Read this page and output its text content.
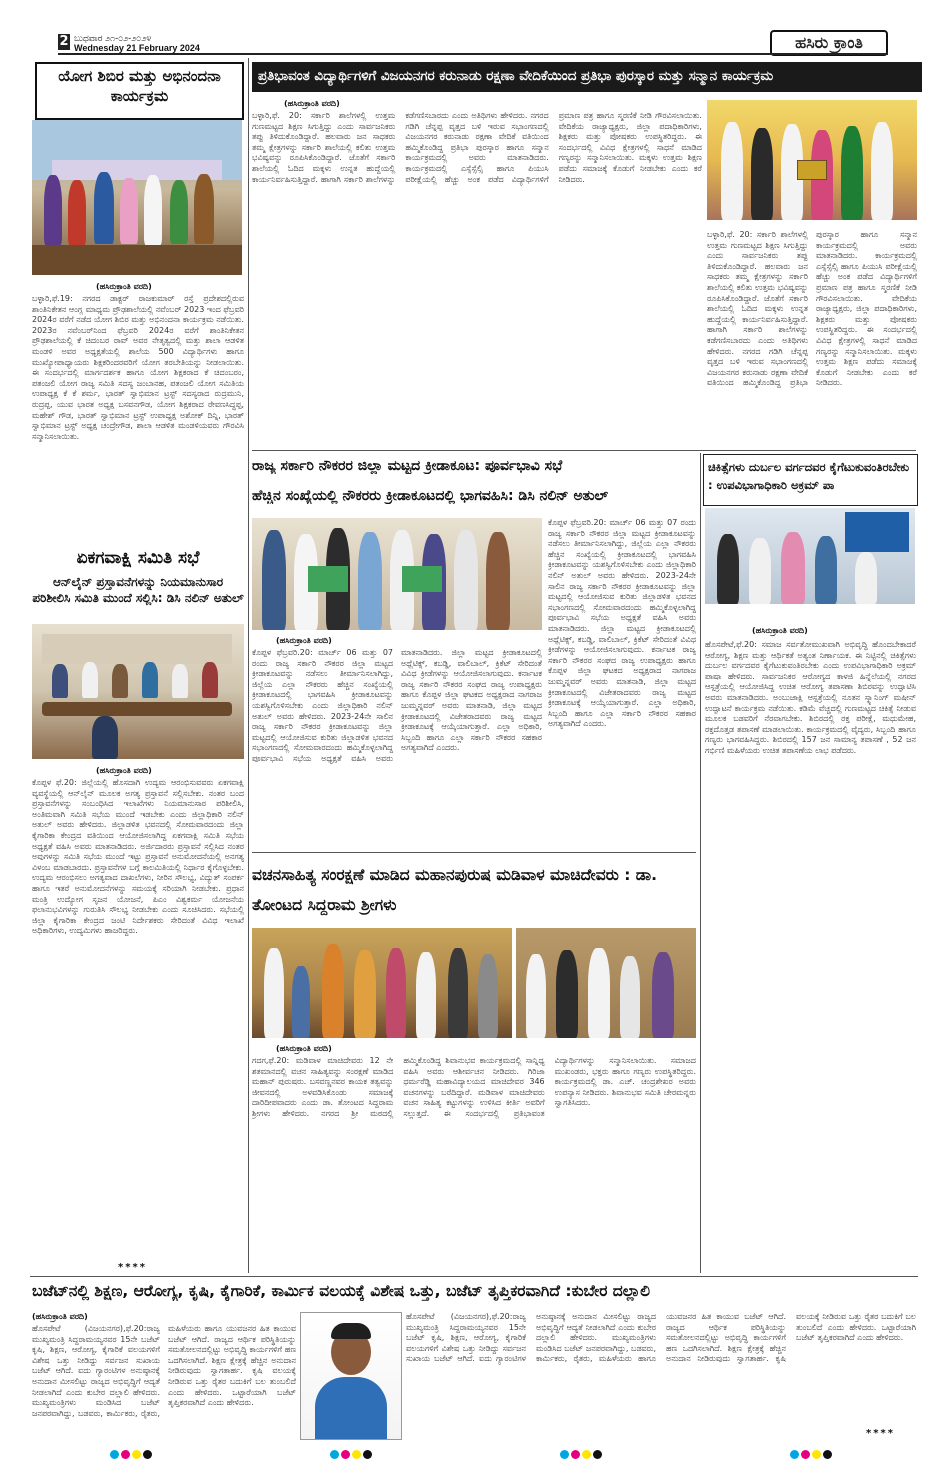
2 ಬುಧವಾರ ೨೧-೦೨-೨೦೨೪
Wednesday 21 February 2024	ಹಸಿರು ಕ್ರಾಂತಿ
ಯೋಗ ಶಿಬಿರ ಮತ್ತು ಅಭಿನಂದನಾ ಕಾರ್ಯಕ್ರಮ
(ಹಸಿರುಕ್ರಾಂತಿ ವರದಿ)
ಬಳ್ಳಾರಿ,ಫೆ.19: ನಗರದ ಡಾಕ್ಟರ್ ರಾಜಕುಮಾರ್ ರಸ್ತೆ ಪ್ರದೇಶದಲ್ಲಿರುವ ಶಾಂತಿನಿಕೇತನ ಆಂಗ್ಲ ಮಾಧ್ಯಮ ಪ್ರೌಢಶಾಲೆಯಲ್ಲಿ ನವೆಂಬರ್ 2023 ಇಂದ ಫೆಬ್ರವರಿ 2024ರ ವರೆಗೆ ನಡೆದ ಯೋಗ ಶಿಬಿರ ಮತ್ತು ಅಭಿನಂದನಾ ಕಾರ್ಯಕ್ರಮ ನಡೆಯಿತು. 2023ರ ನವೆಂಬರ್‌ನಿಂದ ಫೆಬ್ರವರಿ 2024ರ ವರೆಗೆ ಶಾಂತಿನಿಕೇತನ ಪ್ರೌಢಶಾಲೆಯಲ್ಲಿ ಕೆ ಚಿದಂಬರ ರಾವ್ ಅವರ ನೇತೃತ್ವದಲ್ಲಿ ಮತ್ತು ಶಾಲಾ ಆಡಳಿತ ಮಂಡಳಿ ಅವರ ಅಧ್ಯಕ್ಷತೆಯಲ್ಲಿ ಶಾಲೆಯ 500 ವಿದ್ಯಾರ್ಥಿಗಳು ಹಾಗೂ ಮುಖ್ಯೋಪಾಧ್ಯಾಯರು ಶಿಕ್ಷಕರಿಂದರವರಿಗೆ ಯೋಗ ತರಬೇತಿಯನ್ನು ನೀಡಲಾಯಿತು. ಈ ಸಂದರ್ಭದಲ್ಲಿ ಮಾರ್ಗದರ್ಶಕ ಹಾಗೂ ಯೋಗ ಶಿಕ್ಷಕರಾದ ಕೆ ಚಿದಂಬರಂ, ಪತಂಜಲಿ ಯೋಗ ರಾಜ್ಯ ಸಮಿತಿ ಸದಸ್ಯ ಜಂಬಾನಹ, ಪತಂಜಲಿ ಯೋಗ ಸಮಿತಿಯ ಉಪಾಧ್ಯಕ್ಷ ಕೆ ಕೆ ಶರ್ಮ, ಭಾರತ್ ಸ್ವಾಭಿಮಾನ ಟ್ರಸ್ಟ್ ಸದಸ್ಯರಾದ ರುದ್ರಮುನಿ, ರುದ್ರಪ್ಪ, ಯುವ ಭಾರತ ಅಧ್ಯಕ್ಷ ಬಸವನಗೌಡ, ಯೋಗ ಶಿಕ್ಷಕರಾದ ರೇವಣಸಿದ್ಧಪ್ಪ, ಮಹೇಶ್ ಗೌಡ, ಭಾರತ್ ಸ್ವಾಭಿಮಾನ ಟ್ರಸ್ಟ್ ಉಪಾಧ್ಯಕ್ಷ ಅಶೋಕ್ ದಿನ್ನಿ, ಭಾರತ್ ಸ್ವಾಭಿಮಾನ ಟ್ರಸ್ಟ್ ಅಧ್ಯಕ್ಷ ಚಂದ್ರೇಗೌಡ, ಶಾಲಾ ಆಡಳಿತ ಮಂಡಳಿಯವರು ಗೌರವಿಸಿ ಸನ್ಮಾನಿಸಲಾಯಿತು.
ಏಕಗವಾಕ್ಷಿ ಸಮಿತಿ ಸಭೆ
ಆನ್‌ಲೈನ್ ಪ್ರಸ್ತಾವನೆಗಳನ್ನು ನಿಯಮಾನುಸಾರ ಪರಿಶೀಲಿಸಿ ಸಮಿತಿ ಮುಂದೆ ಸಲ್ಲಿಸಿ: ಡಿಸಿ ನಲಿನ್ ಅತುಲ್
(ಹಸಿರುಕ್ರಾಂತಿ ವರದಿ)
ಕೊಪ್ಪಳ ಫೆ.20: ಜಿಲ್ಲೆಯಲ್ಲಿ ಹೊಸದಾಗಿ ಉದ್ಯಮ ಆರಂಭಿಸುವವರು ಏಕಗವಾಕ್ಷಿ ವ್ಯವಸ್ಥೆಯಲ್ಲಿ ಆನ್‌ಲೈನ್ ಮೂಲಕ ಅಗತ್ಯ ಪ್ರಸ್ತಾವನೆ ಸಲ್ಲಿಸಬೇಕು. ನಂತರ ಬಂದ ಪ್ರಸ್ತಾವನೆಗಳನ್ನು ಸಂಬಂಧಿಸಿದ ಇಲಾಖೆಗಳು ನಿಯಮಾನುಸಾರ ಪರಿಶೀಲಿಸಿ, ಅಂತಿಮವಾಗಿ ಸಮಿತಿ ಸಭೆಯ ಮುಂದೆ ಇಡಬೇಕು ಎಂದು ಜಿಲ್ಲಾಧಿಕಾರಿ ನಲಿನ್ ಅತುಲ್ ಅವರು ಹೇಳಿದರು. ಜಿಲ್ಲಾಡಳಿತ ಭವನದಲ್ಲಿ ಸೋಮವಾರದಂದು ಜಿಲ್ಲಾ ಕೈಗಾರಿಕಾ ಕೇಂದ್ರದ ವತಿಯಿಂದ ಆಯೋಜಿಸಲಾಗಿದ್ದ ಏಕಗವಾಕ್ಷಿ ಸಮಿತಿ ಸಭೆಯ ಅಧ್ಯಕ್ಷತೆ ವಹಿಸಿ ಅವರು ಮಾತನಾಡಿದರು. ಅರ್ಜಿದಾರರು ಪ್ರಸ್ತಾವನೆ ಸಲ್ಲಿಸಿದ ನಂತರ ಅವುಗಳನ್ನು ಸಮಿತಿ ಸಭೆಯ ಮುಂದೆ ಇಟ್ಟು ಪ್ರಸ್ತಾವನೆ ಅನುಮೋದನೆಯಲ್ಲಿ ಅನಗತ್ಯ ವಿಳಂಬ ಮಾಡಬಾರದು. ಪ್ರಸ್ತಾವನೆಗಳ ಬಗ್ಗೆ ಕಾಲಮಿತಿಯಲ್ಲಿ ನಿರ್ಧಾರ ಕೈಗೊಳ್ಳಬೇಕು. ಉದ್ಯಮ ಆರಂಭಿಸಲು ಅಗತ್ಯವಾದ ದಾಖಲೆಗಳು, ನೀರಿನ ಸೌಲಭ್ಯ, ವಿದ್ಯುತ್ ಸಂಪರ್ಕ ಹಾಗೂ ಇತರೆ ಅನುಮೋದನೆಗಳನ್ನು ಸಮಯಕ್ಕೆ ಸರಿಯಾಗಿ ನೀಡಬೇಕು. ಪ್ರಧಾನ ಮಂತ್ರಿ ಉದ್ಯೋಗ ಸೃಜನ ಯೋಜನೆ, ಪಿಎಂ ವಿಶ್ವಕರ್ಮ ಯೋಜನೆಯ ಫಲಾನುಭವಿಗಳನ್ನು ಗುರುತಿಸಿ ಸೌಲಭ್ಯ ನೀಡಬೇಕು ಎಂದು ಸೂಚಿಸಿದರು. ಸಭೆಯಲ್ಲಿ ಜಿಲ್ಲಾ ಕೈಗಾರಿಕಾ ಕೇಂದ್ರದ ಜಂಟಿ ನಿರ್ದೇಶಕರು ಸೇರಿದಂತೆ ವಿವಿಧ ಇಲಾಖೆ ಅಧಿಕಾರಿಗಳು, ಉದ್ಯಮಿಗಳು ಹಾಜರಿದ್ದರು.
****
ಪ್ರತಿಭಾವಂತ ವಿದ್ಯಾರ್ಥಿಗಳಿಗೆ ವಿಜಯನಗರ ಕರುನಾಡು ರಕ್ಷಣಾ ವೇದಿಕೆಯಿಂದ ಪ್ರತಿಭಾ ಪುರಸ್ಕಾರ ಮತ್ತು ಸನ್ಮಾನ ಕಾರ್ಯಕ್ರಮ
(ಹಸಿರುಕ್ರಾಂತಿ ವರದಿ)
ಬಳ್ಳಾರಿ,ಫೆ. 20: ಸರ್ಕಾರಿ ಶಾಲೆಗಳಲ್ಲಿ ಉತ್ತಮ ಗುಣಮಟ್ಟದ ಶಿಕ್ಷಣ ಸಿಗುತ್ತಿದ್ದು ಎಂದು ಸಾರ್ವಜನಿಕರು ತಪ್ಪು ತಿಳಿದುಕೊಂಡಿದ್ದಾರೆ. ಹಲವಾರು ಜನ ಸಾಧಕರು ತಮ್ಮ ಕ್ಷೇತ್ರಗಳನ್ನು ಸರ್ಕಾರಿ ಶಾಲೆಯಲ್ಲಿ ಕಲಿತು ಉತ್ತಮ ಭವಿಷ್ಯವನ್ನು ರೂಪಿಸಿಕೊಂಡಿದ್ದಾರೆ. ಜೊತೆಗೆ ಸರ್ಕಾರಿ ಶಾಲೆಯಲ್ಲಿ ಓದಿದ ಮಕ್ಕಳು ಉನ್ನತ ಹುದ್ದೆಯಲ್ಲಿ ಕಾರ್ಯನಿರ್ವಹಿಸುತ್ತಿದ್ದಾರೆ. ಹಾಗಾಗಿ ಸರ್ಕಾರಿ ಶಾಲೆಗಳನ್ನು ಕಡೆಗಣಿಸಬಾರದು ಎಂದು ಅತಿಥಿಗಳು ಹೇಳಿದರು. ನಗರದ ಗಡಿಗಿ ಚೆನ್ನಪ್ಪ ವೃತ್ತದ ಬಳಿ ಇರುವ ಸಭಾಂಗಣದಲ್ಲಿ ವಿಜಯನಗರ ಕರುನಾಡು ರಕ್ಷಣಾ ವೇದಿಕೆ ವತಿಯಿಂದ ಹಮ್ಮಿಕೊಂಡಿದ್ದ ಪ್ರತಿಭಾ ಪುರಸ್ಕಾರ ಹಾಗೂ ಸನ್ಮಾನ ಕಾರ್ಯಕ್ರಮದಲ್ಲಿ ಅವರು ಮಾತನಾಡಿದರು. ಕಾರ್ಯಕ್ರಮದಲ್ಲಿ ಎಸ್ಸೆಸ್ಸೆಲ್ಸಿ ಹಾಗೂ ಪಿಯುಸಿ ಪರೀಕ್ಷೆಯಲ್ಲಿ ಹೆಚ್ಚು ಅಂಕ ಪಡೆದ ವಿದ್ಯಾರ್ಥಿಗಳಿಗೆ ಪ್ರಮಾಣ ಪತ್ರ ಹಾಗೂ ಸ್ಮರಣಿಕೆ ನೀಡಿ ಗೌರವಿಸಲಾಯಿತು. ವೇದಿಕೆಯ ರಾಜ್ಯಾಧ್ಯಕ್ಷರು, ಜಿಲ್ಲಾ ಪದಾಧಿಕಾರಿಗಳು, ಶಿಕ್ಷಕರು ಮತ್ತು ಪೋಷಕರು ಉಪಸ್ಥಿತರಿದ್ದರು. ಈ ಸಂದರ್ಭದಲ್ಲಿ ವಿವಿಧ ಕ್ಷೇತ್ರಗಳಲ್ಲಿ ಸಾಧನೆ ಮಾಡಿದ ಗಣ್ಯರನ್ನು ಸನ್ಮಾನಿಸಲಾಯಿತು. ಮಕ್ಕಳು ಉತ್ತಮ ಶಿಕ್ಷಣ ಪಡೆದು ಸಮಾಜಕ್ಕೆ ಕೊಡುಗೆ ನೀಡಬೇಕು ಎಂದು ಕರೆ ನೀಡಿದರು.
ಬಳ್ಳಾರಿ,ಫೆ. 20: ಸರ್ಕಾರಿ ಶಾಲೆಗಳಲ್ಲಿ ಉತ್ತಮ ಗುಣಮಟ್ಟದ ಶಿಕ್ಷಣ ಸಿಗುತ್ತಿದ್ದು ಎಂದು ಸಾರ್ವಜನಿಕರು ತಪ್ಪು ತಿಳಿದುಕೊಂಡಿದ್ದಾರೆ. ಹಲವಾರು ಜನ ಸಾಧಕರು ತಮ್ಮ ಕ್ಷೇತ್ರಗಳನ್ನು ಸರ್ಕಾರಿ ಶಾಲೆಯಲ್ಲಿ ಕಲಿತು ಉತ್ತಮ ಭವಿಷ್ಯವನ್ನು ರೂಪಿಸಿಕೊಂಡಿದ್ದಾರೆ. ಜೊತೆಗೆ ಸರ್ಕಾರಿ ಶಾಲೆಯಲ್ಲಿ ಓದಿದ ಮಕ್ಕಳು ಉನ್ನತ ಹುದ್ದೆಯಲ್ಲಿ ಕಾರ್ಯನಿರ್ವಹಿಸುತ್ತಿದ್ದಾರೆ. ಹಾಗಾಗಿ ಸರ್ಕಾರಿ ಶಾಲೆಗಳನ್ನು ಕಡೆಗಣಿಸಬಾರದು ಎಂದು ಅತಿಥಿಗಳು ಹೇಳಿದರು. ನಗರದ ಗಡಿಗಿ ಚೆನ್ನಪ್ಪ ವೃತ್ತದ ಬಳಿ ಇರುವ ಸಭಾಂಗಣದಲ್ಲಿ ವಿಜಯನಗರ ಕರುನಾಡು ರಕ್ಷಣಾ ವೇದಿಕೆ ವತಿಯಿಂದ ಹಮ್ಮಿಕೊಂಡಿದ್ದ ಪ್ರತಿಭಾ ಪುರಸ್ಕಾರ ಹಾಗೂ ಸನ್ಮಾನ ಕಾರ್ಯಕ್ರಮದಲ್ಲಿ ಅವರು ಮಾತನಾಡಿದರು. ಕಾರ್ಯಕ್ರಮದಲ್ಲಿ ಎಸ್ಸೆಸ್ಸೆಲ್ಸಿ ಹಾಗೂ ಪಿಯುಸಿ ಪರೀಕ್ಷೆಯಲ್ಲಿ ಹೆಚ್ಚು ಅಂಕ ಪಡೆದ ವಿದ್ಯಾರ್ಥಿಗಳಿಗೆ ಪ್ರಮಾಣ ಪತ್ರ ಹಾಗೂ ಸ್ಮರಣಿಕೆ ನೀಡಿ ಗೌರವಿಸಲಾಯಿತು. ವೇದಿಕೆಯ ರಾಜ್ಯಾಧ್ಯಕ್ಷರು, ಜಿಲ್ಲಾ ಪದಾಧಿಕಾರಿಗಳು, ಶಿಕ್ಷಕರು ಮತ್ತು ಪೋಷಕರು ಉಪಸ್ಥಿತರಿದ್ದರು. ಈ ಸಂದರ್ಭದಲ್ಲಿ ವಿವಿಧ ಕ್ಷೇತ್ರಗಳಲ್ಲಿ ಸಾಧನೆ ಮಾಡಿದ ಗಣ್ಯರನ್ನು ಸನ್ಮಾನಿಸಲಾಯಿತು. ಮಕ್ಕಳು ಉತ್ತಮ ಶಿಕ್ಷಣ ಪಡೆದು ಸಮಾಜಕ್ಕೆ ಕೊಡುಗೆ ನೀಡಬೇಕು ಎಂದು ಕರೆ ನೀಡಿದರು.
ರಾಜ್ಯ ಸರ್ಕಾರಿ ನೌಕರರ ಜಿಲ್ಲಾ ಮಟ್ಟದ ಕ್ರೀಡಾಕೂಟ: ಪೂರ್ವಭಾವಿ ಸಭೆ
ಹೆಚ್ಚಿನ ಸಂಖ್ಯೆಯಲ್ಲಿ ನೌಕರರು ಕ್ರೀಡಾಕೂಟದಲ್ಲಿ ಭಾಗವಹಿಸಿ: ಡಿಸಿ ನಲಿನ್ ಅತುಲ್
(ಹಸಿರುಕ್ರಾಂತಿ ವರದಿ)
ಕೊಪ್ಪಳ ಫೆಬ್ರವರಿ.20: ಮಾರ್ಚ್ 06 ಮತ್ತು 07 ರಂದು ರಾಜ್ಯ ಸರ್ಕಾರಿ ನೌಕರರ ಜಿಲ್ಲಾ ಮಟ್ಟದ ಕ್ರೀಡಾಕೂಟವನ್ನು ನಡೆಸಲು ತೀರ್ಮಾನಿಸಲಾಗಿದ್ದು, ಜಿಲ್ಲೆಯ ಎಲ್ಲಾ ನೌಕರರು ಹೆಚ್ಚಿನ ಸಂಖ್ಯೆಯಲ್ಲಿ ಕ್ರೀಡಾಕೂಟದಲ್ಲಿ ಭಾಗವಹಿಸಿ ಕ್ರೀಡಾಕೂಟವನ್ನು ಯಶಸ್ವಿಗೊಳಿಸಬೇಕು ಎಂದು ಜಿಲ್ಲಾಧಿಕಾರಿ ನಲಿನ್ ಅತುಲ್ ಅವರು ಹೇಳಿದರು. 2023-24ನೇ ಸಾಲಿನ ರಾಜ್ಯ ಸರ್ಕಾರಿ ನೌಕರರ ಕ್ರೀಡಾಕೂಟವನ್ನು ಜಿಲ್ಲಾ ಮಟ್ಟದಲ್ಲಿ ಆಯೋಜಿಸುವ ಕುರಿತು ಜಿಲ್ಲಾಡಳಿತ ಭವನದ ಸಭಾಂಗಣದಲ್ಲಿ ಸೋಮವಾರದಂದು ಹಮ್ಮಿಕೊಳ್ಳಲಾಗಿದ್ದ ಪೂರ್ವಭಾವಿ ಸಭೆಯ ಅಧ್ಯಕ್ಷತೆ ವಹಿಸಿ ಅವರು ಮಾತನಾಡಿದರು. ಜಿಲ್ಲಾ ಮಟ್ಟದ ಕ್ರೀಡಾಕೂಟದಲ್ಲಿ ಅಥ್ಲೆಟಿಕ್ಸ್, ಕಬಡ್ಡಿ, ವಾಲಿಬಾಲ್, ಕ್ರಿಕೆಟ್ ಸೇರಿದಂತೆ ವಿವಿಧ ಕ್ರೀಡೆಗಳನ್ನು ಆಯೋಜಿಸಲಾಗುವುದು. ಕರ್ನಾಟಕ ರಾಜ್ಯ ಸರ್ಕಾರಿ ನೌಕರರ ಸಂಘದ ರಾಜ್ಯ ಉಪಾಧ್ಯಕ್ಷರು ಹಾಗೂ ಕೊಪ್ಪಳ ಜಿಲ್ಲಾ ಘಟಕದ ಅಧ್ಯಕ್ಷರಾದ ನಾಗರಾಜ ಜುಮ್ಮನ್ನವರ್ ಅವರು ಮಾತನಾಡಿ, ಜಿಲ್ಲಾ ಮಟ್ಟದ ಕ್ರೀಡಾಕೂಟದಲ್ಲಿ ವಿಜೇತರಾದವರು ರಾಜ್ಯ ಮಟ್ಟದ ಕ್ರೀಡಾಕೂಟಕ್ಕೆ ಆಯ್ಕೆಯಾಗುತ್ತಾರೆ. ಎಲ್ಲಾ ಅಧಿಕಾರಿ, ಸಿಬ್ಬಂದಿ ಹಾಗೂ ಎಲ್ಲಾ ಸರ್ಕಾರಿ ನೌಕರರ ಸಹಕಾರ ಅಗತ್ಯವಾಗಿದೆ ಎಂದರು.
ಕೊಪ್ಪಳ ಫೆಬ್ರವರಿ.20: ಮಾರ್ಚ್ 06 ಮತ್ತು 07 ರಂದು ರಾಜ್ಯ ಸರ್ಕಾರಿ ನೌಕರರ ಜಿಲ್ಲಾ ಮಟ್ಟದ ಕ್ರೀಡಾಕೂಟವನ್ನು ನಡೆಸಲು ತೀರ್ಮಾನಿಸಲಾಗಿದ್ದು, ಜಿಲ್ಲೆಯ ಎಲ್ಲಾ ನೌಕರರು ಹೆಚ್ಚಿನ ಸಂಖ್ಯೆಯಲ್ಲಿ ಕ್ರೀಡಾಕೂಟದಲ್ಲಿ ಭಾಗವಹಿಸಿ ಕ್ರೀಡಾಕೂಟವನ್ನು ಯಶಸ್ವಿಗೊಳಿಸಬೇಕು ಎಂದು ಜಿಲ್ಲಾಧಿಕಾರಿ ನಲಿನ್ ಅತುಲ್ ಅವರು ಹೇಳಿದರು. 2023-24ನೇ ಸಾಲಿನ ರಾಜ್ಯ ಸರ್ಕಾರಿ ನೌಕರರ ಕ್ರೀಡಾಕೂಟವನ್ನು ಜಿಲ್ಲಾ ಮಟ್ಟದಲ್ಲಿ ಆಯೋಜಿಸುವ ಕುರಿತು ಜಿಲ್ಲಾಡಳಿತ ಭವನದ ಸಭಾಂಗಣದಲ್ಲಿ ಸೋಮವಾರದಂದು ಹಮ್ಮಿಕೊಳ್ಳಲಾಗಿದ್ದ ಪೂರ್ವಭಾವಿ ಸಭೆಯ ಅಧ್ಯಕ್ಷತೆ ವಹಿಸಿ ಅವರು ಮಾತನಾಡಿದರು. ಜಿಲ್ಲಾ ಮಟ್ಟದ ಕ್ರೀಡಾಕೂಟದಲ್ಲಿ ಅಥ್ಲೆಟಿಕ್ಸ್, ಕಬಡ್ಡಿ, ವಾಲಿಬಾಲ್, ಕ್ರಿಕೆಟ್ ಸೇರಿದಂತೆ ವಿವಿಧ ಕ್ರೀಡೆಗಳನ್ನು ಆಯೋಜಿಸಲಾಗುವುದು. ಕರ್ನಾಟಕ ರಾಜ್ಯ ಸರ್ಕಾರಿ ನೌಕರರ ಸಂಘದ ರಾಜ್ಯ ಉಪಾಧ್ಯಕ್ಷರು ಹಾಗೂ ಕೊಪ್ಪಳ ಜಿಲ್ಲಾ ಘಟಕದ ಅಧ್ಯಕ್ಷರಾದ ನಾಗರಾಜ ಜುಮ್ಮನ್ನವರ್ ಅವರು ಮಾತನಾಡಿ, ಜಿಲ್ಲಾ ಮಟ್ಟದ ಕ್ರೀಡಾಕೂಟದಲ್ಲಿ ವಿಜೇತರಾದವರು ರಾಜ್ಯ ಮಟ್ಟದ ಕ್ರೀಡಾಕೂಟಕ್ಕೆ ಆಯ್ಕೆಯಾಗುತ್ತಾರೆ. ಎಲ್ಲಾ ಅಧಿಕಾರಿ, ಸಿಬ್ಬಂದಿ ಹಾಗೂ ಎಲ್ಲಾ ಸರ್ಕಾರಿ ನೌಕರರ ಸಹಕಾರ ಅಗತ್ಯವಾಗಿದೆ ಎಂದರು.
ಚಿಕಿತ್ಸೆಗಳು ದುರ್ಬಲ ವರ್ಗದವರ ಕೈಗೆಟುಕುವಂತಿರಬೇಕು : ಉಪವಿಭಾಗಾಧಿಕಾರಿ ಅಕ್ರಮ್ ಪಾ
(ಹಸಿರುಕ್ರಾಂತಿ ವರದಿ)
ಹೊಸಪೇಟೆ,ಫೆ.20: ಸಮಾಜ ಸರ್ವತೋಮುಖವಾಗಿ ಅಭಿವೃದ್ಧಿ ಹೊಂದಬೇಕಾದರೆ ಆರೋಗ್ಯ, ಶಿಕ್ಷಣ ಮತ್ತು ಆರ್ಥಿಕತೆ ಅತ್ಯಂತ ನಿರ್ಣಾಯಕ. ಈ ನಿಟ್ಟಿನಲ್ಲಿ ಚಿಕಿತ್ಸೆಗಳು ದುರ್ಬಲ ವರ್ಗದವರ ಕೈಗೆಟುಕುವಂತಿರಬೇಕು ಎಂದು ಉಪವಿಭಾಗಾಧಿಕಾರಿ ಅಕ್ರಮ್ ಪಾಷಾ ಹೇಳಿದರು. ಸಾರ್ವಜನಿಕರ ಆರೋಗ್ಯದ ಕಾಳಜಿ ಹಿನ್ನೆಲೆಯಲ್ಲಿ ನಗರದ ಆಸ್ಪತ್ರೆಯಲ್ಲಿ ಆಯೋಜಿಸಿದ್ದ ಉಚಿತ ಆರೋಗ್ಯ ತಪಾಸಣಾ ಶಿಬಿರವನ್ನು ಉದ್ಘಾಟಿಸಿ ಅವರು ಮಾತನಾಡಿದರು. ಅಂಬುಜಾಕ್ಷಿ ಆಸ್ಪತ್ರೆಯಲ್ಲಿ ನೂತನ ಸ್ಕ್ಯಾನಿಂಗ್ ಮಷೀನ್ ಉದ್ಘಾಟನೆ ಕಾರ್ಯಕ್ರಮ ನಡೆಯಿತು. ಕಡಿಮೆ ವೆಚ್ಚದಲ್ಲಿ ಗುಣಮಟ್ಟದ ಚಿಕಿತ್ಸೆ ನೀಡುವ ಮೂಲಕ ಬಡವರಿಗೆ ನೆರವಾಗಬೇಕು. ಶಿಬಿರದಲ್ಲಿ ರಕ್ತ ಪರೀಕ್ಷೆ, ಮಧುಮೇಹ, ರಕ್ತದೊತ್ತಡ ತಪಾಸಣೆ ಮಾಡಲಾಯಿತು. ಕಾರ್ಯಕ್ರಮದಲ್ಲಿ ವೈದ್ಯರು, ಸಿಬ್ಬಂದಿ ಹಾಗೂ ಗಣ್ಯರು ಭಾಗವಹಿಸಿದ್ದರು. ಶಿಬಿರದಲ್ಲಿ 157 ಜನ ಸಾಮಾನ್ಯ ತಪಾಸಣೆ , 52 ಜನ ಗರ್ಭಿಣಿ ಮಹಿಳೆಯರು ಉಚಿತ ತಪಾಸಣೆಯ ಲಾಭ ಪಡೆದರು.
ವಚನಸಾಹಿತ್ಯ ಸಂರಕ್ಷಣೆ ಮಾಡಿದ ಮಹಾನಪುರುಷ ಮಡಿವಾಳ ಮಾಚಿದೇವರು : ಡಾ. ತೋಂಟದ ಸಿದ್ದರಾಮ ಶ್ರೀಗಳು
(ಹಸಿರುಕ್ರಾಂತಿ ವರದಿ)
ಗದಗ,ಫೆ.20: ಮಡಿವಾಳ ಮಾಚಿದೇವರು 12 ನೇ ಶತಮಾನದಲ್ಲಿ ವಚನ ಸಾಹಿತ್ಯವನ್ನು ಸಂರಕ್ಷಣೆ ಮಾಡಿದ ಮಹಾನ್ ಪುರುಷರು. ಬಸವಣ್ಣನವರ ಕಾಯಕ ತತ್ವವನ್ನು ಜೀವನದಲ್ಲಿ ಅಳವಡಿಸಿಕೊಂಡು ಸಮಾಜಕ್ಕೆ ದಾರಿದೀಪವಾದರು ಎಂದು ಡಾ. ತೋಂಟದ ಸಿದ್ದರಾಮ ಶ್ರೀಗಳು ಹೇಳಿದರು. ನಗರದ ಶ್ರೀ ಮಠದಲ್ಲಿ ಹಮ್ಮಿಕೊಂಡಿದ್ದ ಶಿವಾನುಭವ ಕಾರ್ಯಕ್ರಮದಲ್ಲಿ ಸಾನ್ನಿಧ್ಯ ವಹಿಸಿ ಅವರು ಆಶೀರ್ವಚನ ನೀಡಿದರು. ಗಿರಿಜಾ ಧರ್ಮರೆಡ್ಡಿ ಮಹಾವಿದ್ಯಾಲಯದ ಮಾಚಿದೇವರ 346 ವಚನಗಳನ್ನು ಬರೆದಿದ್ದಾರೆ. ಮಡಿವಾಳ ಮಾಚಿದೇವರು ವಚನ ಸಾಹಿತ್ಯ ಕಟ್ಟುಗಳನ್ನು ಉಳಿಸಿದ ಕೀರ್ತಿ ಅವರಿಗೆ ಸಲ್ಲುತ್ತದೆ. ಈ ಸಂದರ್ಭದಲ್ಲಿ ಪ್ರತಿಭಾವಂತ ವಿದ್ಯಾರ್ಥಿಗಳನ್ನು ಸನ್ಮಾನಿಸಲಾಯಿತು. ಸಮಾಜದ ಮುಖಂಡರು, ಭಕ್ತರು ಹಾಗೂ ಗಣ್ಯರು ಉಪಸ್ಥಿತರಿದ್ದರು. ಕಾರ್ಯಕ್ರಮದಲ್ಲಿ ಡಾ. ಎಚ್. ಚಂದ್ರಶೇಖರ ಅವರು ಉಪನ್ಯಾಸ ನೀಡಿದರು. ಶಿವಾನುಭವ ಸಮಿತಿ ಚೇರಮನ್ನರು ಸ್ವಾಗತಿಸಿದರು.
ಬಜೆಟ್‌ನಲ್ಲಿ ಶಿಕ್ಷಣ, ಆರೋಗ್ಯ, ಕೃಷಿ, ಕೈಗಾರಿಕೆ, ಕಾರ್ಮಿಕ ವಲಯಕ್ಕೆ ವಿಶೇಷ ಒತ್ತು, ಬಜೆಟ್ ತೃಪ್ತಿಕರವಾಗಿದೆ :ಕುಬೇರ ದಲ್ಲಾಲಿ
(ಹಸಿರುಕ್ರಾಂತಿ ವರದಿ)
ಹೊಸಪೇಟೆ (ವಿಜಯನಗರ),ಫೆ.20:ರಾಜ್ಯ ಮುಖ್ಯಮಂತ್ರಿ ಸಿದ್ದರಾಮಯ್ಯನವರ 15ನೇ ಬಜೆಟ್ ಕೃಷಿ, ಶಿಕ್ಷಣ, ಆರೋಗ್ಯ, ಕೈಗಾರಿಕೆ ವಲಯಗಳಿಗೆ ವಿಶೇಷ ಒತ್ತು ನೀಡಿದ್ದು ಸರ್ವಜನ ಸುಖಾಯ ಬಜೆಟ್ ಆಗಿದೆ. ಐದು ಗ್ಯಾರಂಟಿಗಳ ಅನುಷ್ಠಾನಕ್ಕೆ ಅನುದಾನ ಮೀಸಲಿಟ್ಟು ರಾಜ್ಯದ ಅಭಿವೃದ್ಧಿಗೆ ಆದ್ಯತೆ ನೀಡಲಾಗಿದೆ ಎಂದು ಕುಬೇರ ದಲ್ಲಾಲಿ ಹೇಳಿದರು. ಮುಖ್ಯಮಂತ್ರಿಗಳು ಮಂಡಿಸಿದ ಬಜೆಟ್ ಜನಪರವಾಗಿದ್ದು, ಬಡವರು, ಕಾರ್ಮಿಕರು, ರೈತರು, ಮಹಿಳೆಯರು ಹಾಗೂ ಯುವಜನರ ಹಿತ ಕಾಯುವ ಬಜೆಟ್ ಆಗಿದೆ. ರಾಜ್ಯದ ಆರ್ಥಿಕ ಪರಿಸ್ಥಿತಿಯನ್ನು ಸಮತೋಲನದಲ್ಲಿಟ್ಟು ಅಭಿವೃದ್ಧಿ ಕಾರ್ಯಗಳಿಗೆ ಹಣ ಒದಗಿಸಲಾಗಿದೆ. ಶಿಕ್ಷಣ ಕ್ಷೇತ್ರಕ್ಕೆ ಹೆಚ್ಚಿನ ಅನುದಾನ ನೀಡಿರುವುದು ಸ್ವಾಗತಾರ್ಹ. ಕೃಷಿ ವಲಯಕ್ಕೆ ನೀಡಿರುವ ಒತ್ತು ರೈತರ ಬದುಕಿಗೆ ಬಲ ತುಂಬಲಿದೆ ಎಂದು ಹೇಳಿದರು. ಒಟ್ಟಾರೆಯಾಗಿ ಬಜೆಟ್ ತೃಪ್ತಿಕರವಾಗಿದೆ ಎಂದು ಹೇಳಿದರು.
ಹೊಸಪೇಟೆ (ವಿಜಯನಗರ),ಫೆ.20:ರಾಜ್ಯ ಮುಖ್ಯಮಂತ್ರಿ ಸಿದ್ದರಾಮಯ್ಯನವರ 15ನೇ ಬಜೆಟ್ ಕೃಷಿ, ಶಿಕ್ಷಣ, ಆರೋಗ್ಯ, ಕೈಗಾರಿಕೆ ವಲಯಗಳಿಗೆ ವಿಶೇಷ ಒತ್ತು ನೀಡಿದ್ದು ಸರ್ವಜನ ಸುಖಾಯ ಬಜೆಟ್ ಆಗಿದೆ. ಐದು ಗ್ಯಾರಂಟಿಗಳ ಅನುಷ್ಠಾನಕ್ಕೆ ಅನುದಾನ ಮೀಸಲಿಟ್ಟು ರಾಜ್ಯದ ಅಭಿವೃದ್ಧಿಗೆ ಆದ್ಯತೆ ನೀಡಲಾಗಿದೆ ಎಂದು ಕುಬೇರ ದಲ್ಲಾಲಿ ಹೇಳಿದರು. ಮುಖ್ಯಮಂತ್ರಿಗಳು ಮಂಡಿಸಿದ ಬಜೆಟ್ ಜನಪರವಾಗಿದ್ದು, ಬಡವರು, ಕಾರ್ಮಿಕರು, ರೈತರು, ಮಹಿಳೆಯರು ಹಾಗೂ ಯುವಜನರ ಹಿತ ಕಾಯುವ ಬಜೆಟ್ ಆಗಿದೆ. ರಾಜ್ಯದ ಆರ್ಥಿಕ ಪರಿಸ್ಥಿತಿಯನ್ನು ಸಮತೋಲನದಲ್ಲಿಟ್ಟು ಅಭಿವೃದ್ಧಿ ಕಾರ್ಯಗಳಿಗೆ ಹಣ ಒದಗಿಸಲಾಗಿದೆ. ಶಿಕ್ಷಣ ಕ್ಷೇತ್ರಕ್ಕೆ ಹೆಚ್ಚಿನ ಅನುದಾನ ನೀಡಿರುವುದು ಸ್ವಾಗತಾರ್ಹ. ಕೃಷಿ ವಲಯಕ್ಕೆ ನೀಡಿರುವ ಒತ್ತು ರೈತರ ಬದುಕಿಗೆ ಬಲ ತುಂಬಲಿದೆ ಎಂದು ಹೇಳಿದರು. ಒಟ್ಟಾರೆಯಾಗಿ ಬಜೆಟ್ ತೃಪ್ತಿಕರವಾಗಿದೆ ಎಂದು ಹೇಳಿದರು.
****
